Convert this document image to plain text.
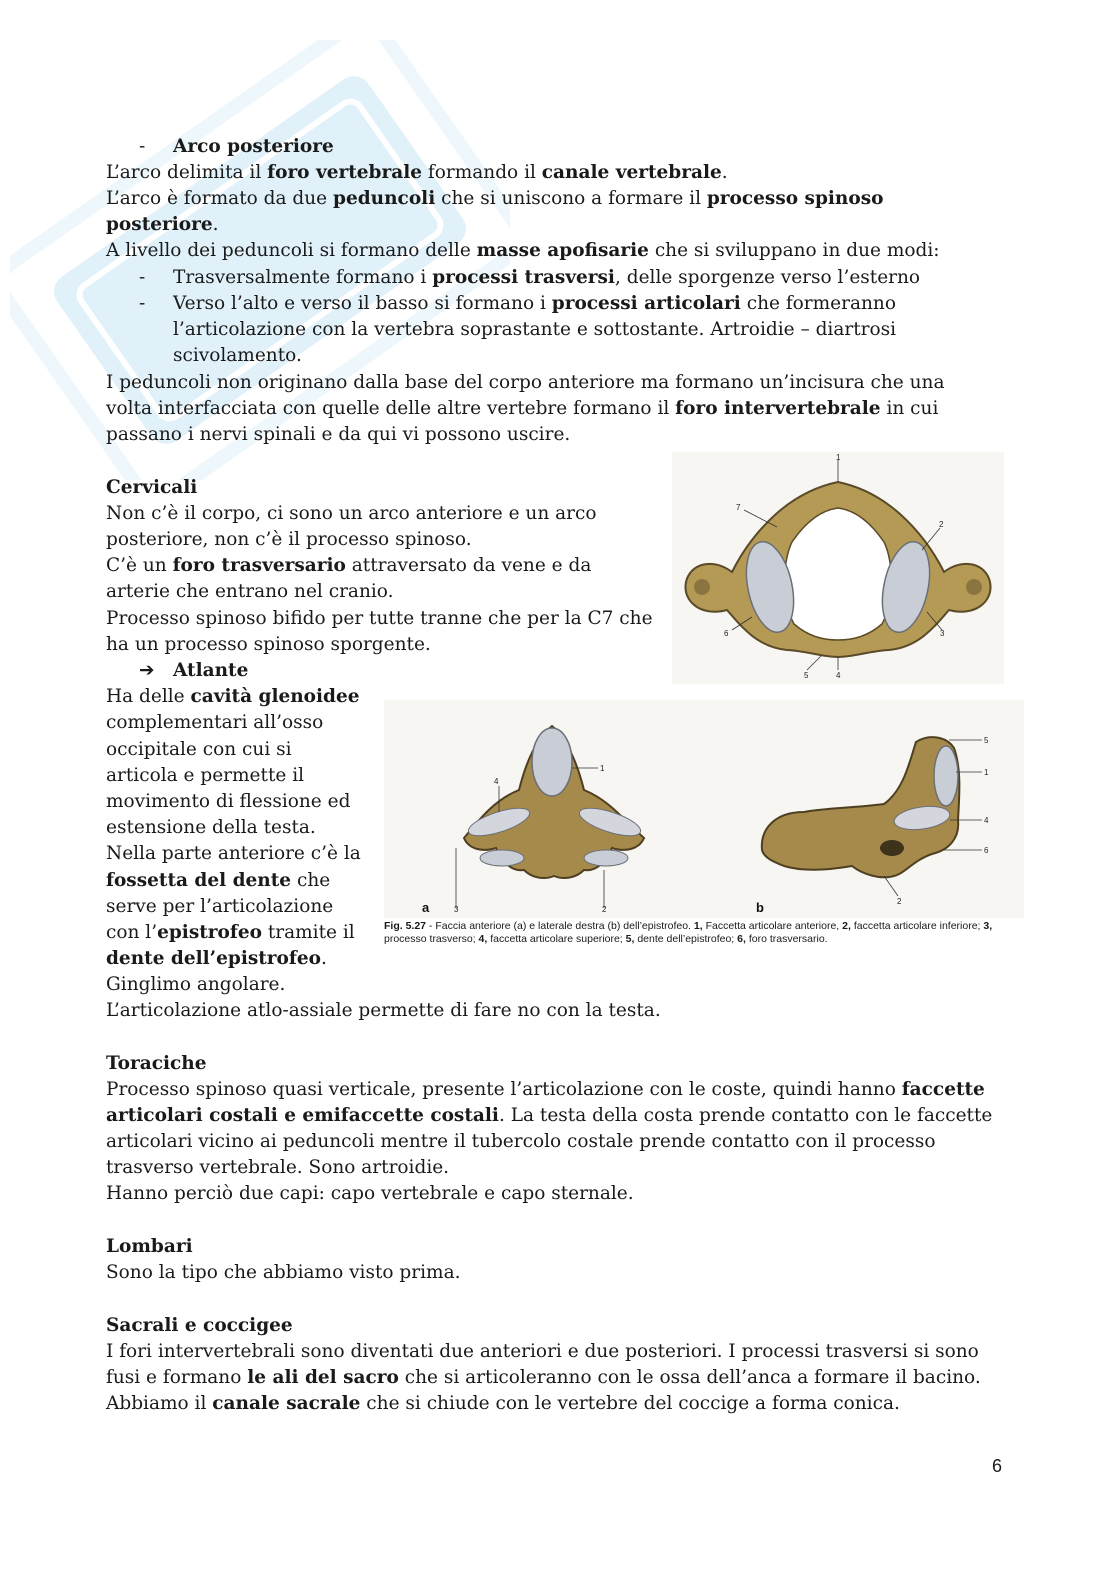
- Arco posteriore
L’arco delimita il foro vertebrale formando il canale vertebrale.
L’arco è formato da due peduncoli che si uniscono a formare il processo spinoso
posteriore.
A livello dei peduncoli si formano delle masse apofisarie che si sviluppano in due modi:
- Trasversalmente formano i processi trasversi, delle sporgenze verso l’esterno
- Verso l’alto e verso il basso si formano i processi articolari che formeranno
l’articolazione con la vertebra soprastante e sottostante. Artroidie – diartrosi
scivolamento.
I peduncoli non originano dalla base del corpo anteriore ma formano un’incisura che una
volta interfacciata con quelle delle altre vertebre formano il foro intervertebrale in cui
passano i nervi spinali e da qui vi possono uscire.
Cervicali
Non c’è il corpo, ci sono un arco anteriore e un arco
posteriore, non c’è il processo spinoso.
C’è un foro trasversario attraversato da vene e da
arterie che entrano nel cranio.
Processo spinoso bifido per tutte tranne che per la C7 che
ha un processo spinoso sporgente.
➔ Atlante
Ha delle cavità glenoidee
complementari all’osso
occipitale con cui si
articola e permette il
movimento di flessione ed
estensione della testa.
Nella parte anteriore c’è la
fossetta del dente che
serve per l’articolazione
con l’epistrofeo tramite il
dente dell’epistrofeo.
Ginglimo angolare.
L’articolazione atlo-assiale permette di fare no con la testa.
1
2
3
4
5
6
7
1
2
3
4
a
5
1
4
6
2
b
Fig. 5.27 - Faccia anteriore (a) e laterale destra (b) dell’epistrofeo. 1, Faccetta articolare anteriore, 2, faccetta articolare inferiore; 3, processo trasverso; 4, faccetta articolare superiore; 5, dente dell’epistrofeo; 6, foro trasversario.
Toraciche
Processo spinoso quasi verticale, presente l’articolazione con le coste, quindi hanno faccette
articolari costali e emifaccette costali. La testa della costa prende contatto con le faccette
articolari vicino ai peduncoli mentre il tubercolo costale prende contatto con il processo
trasverso vertebrale. Sono artroidie.
Hanno perciò due capi: capo vertebrale e capo sternale.
Lombari
Sono la tipo che abbiamo visto prima.
Sacrali e coccigee
I fori intervertebrali sono diventati due anteriori e due posteriori. I processi trasversi si sono
fusi e formano le ali del sacro che si articoleranno con le ossa dell’anca a formare il bacino.
Abbiamo il canale sacrale che si chiude con le vertebre del coccige a forma conica.
6
